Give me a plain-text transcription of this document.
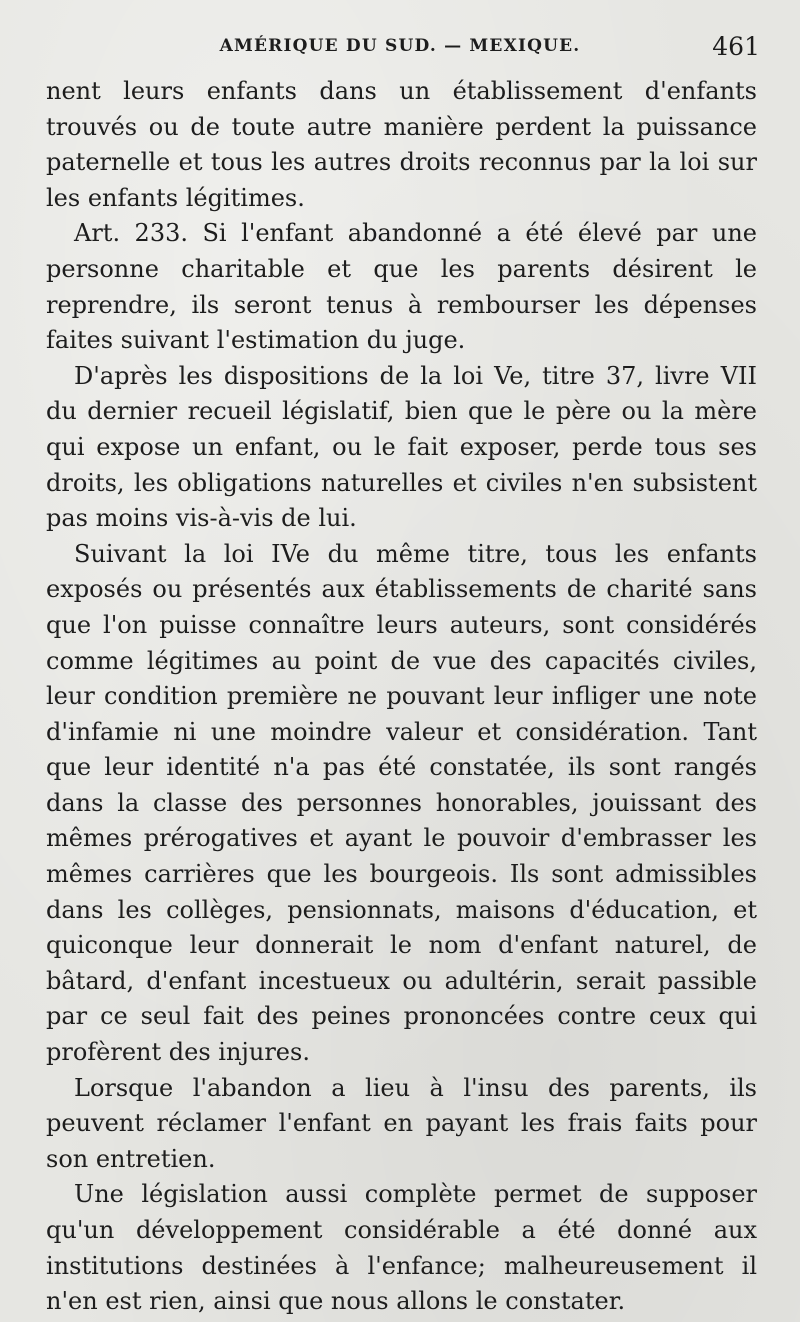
AMÉRIQUE DU SUD. — MEXIQUE.	461

nent leurs enfants dans un établissement d'enfants trouvés ou de toute autre manière perdent la puissance paternelle et tous les autres droits reconnus par la loi sur les enfants légitimes.

Art. 233. Si l'enfant abandonné a été élevé par une personne charitable et que les parents désirent le reprendre, ils seront tenus à rembourser les dépenses faites suivant l'estimation du juge.

D'après les dispositions de la loi Ve, titre 37, livre VII du dernier recueil législatif, bien que le père ou la mère qui expose un enfant, ou le fait exposer, perde tous ses droits, les obligations naturelles et civiles n'en subsistent pas moins vis-à-vis de lui.

Suivant la loi IVe du même titre, tous les enfants exposés ou présentés aux établissements de charité sans que l'on puisse connaître leurs auteurs, sont considérés comme légitimes au point de vue des capacités civiles, leur condition première ne pouvant leur infliger une note d'infamie ni une moindre valeur et considération. Tant que leur identité n'a pas été constatée, ils sont rangés dans la classe des personnes honorables, jouissant des mêmes prérogatives et ayant le pouvoir d'embrasser les mêmes carrières que les bourgeois. Ils sont admissibles dans les collèges, pensionnats, maisons d'éducation, et quiconque leur donnerait le nom d'enfant naturel, de bâtard, d'enfant incestueux ou adultérin, serait passible par ce seul fait des peines prononcées contre ceux qui profèrent des injures.

Lorsque l'abandon a lieu à l'insu des parents, ils peuvent réclamer l'enfant en payant les frais faits pour son entretien.

Une législation aussi complète permet de supposer qu'un développement considérable a été donné aux institutions destinées à l'enfance; malheureusement il n'en est rien, ainsi que nous allons le constater.
